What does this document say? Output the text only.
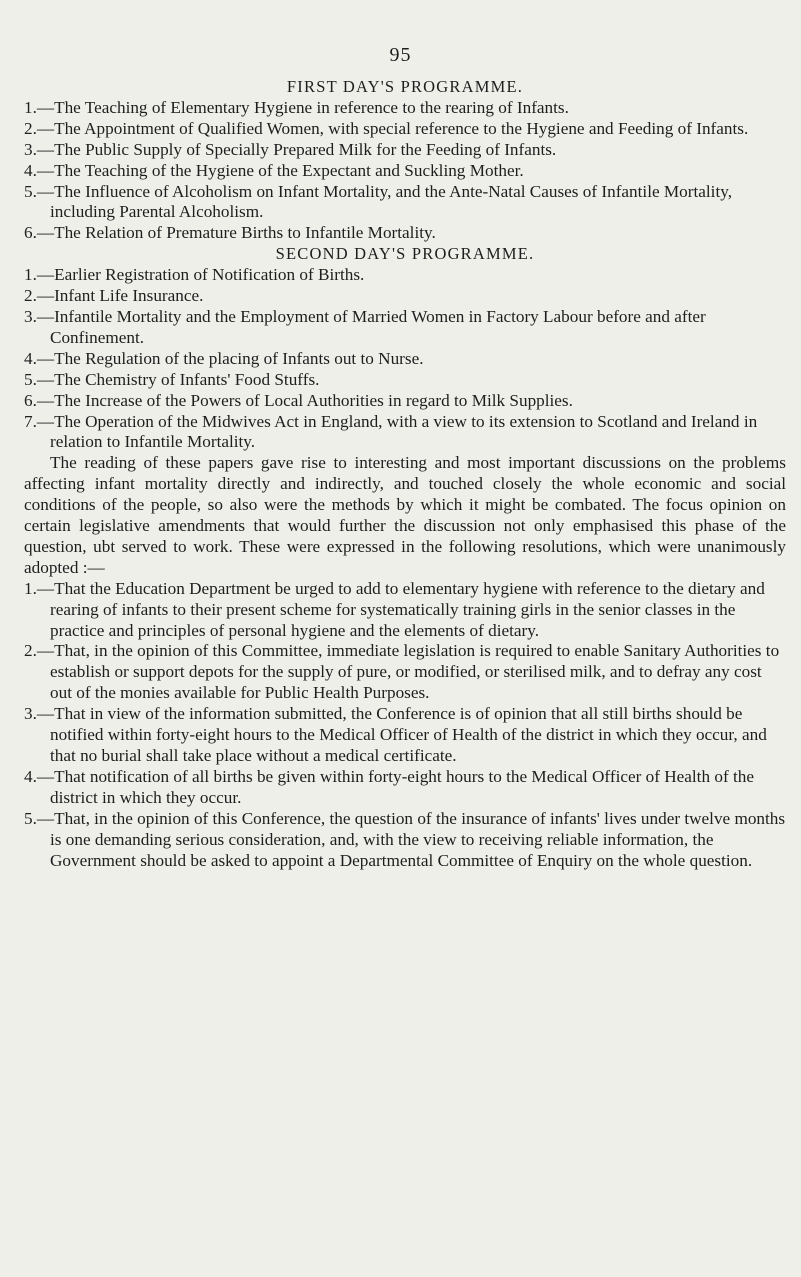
95

FIRST DAY'S PROGRAMME.

1.—The Teaching of Elementary Hygiene in reference to the rearing of Infants.

2.—The Appointment of Qualified Women, with special reference to the Hygiene and Feeding of Infants.

3.—The Public Supply of Specially Prepared Milk for the Feeding of Infants.

4.—The Teaching of the Hygiene of the Expectant and Suckling Mother.

5.—The Influence of Alcoholism on Infant Mortality, and the Ante-Natal Causes of Infantile Mortality, including Parental Alcoholism.

6.—The Relation of Premature Births to Infantile Mortality.

SECOND DAY'S PROGRAMME.

1.—Earlier Registration of Notification of Births.

2.—Infant Life Insurance.

3.—Infantile Mortality and the Employment of Married Women in Factory Labour before and after Confinement.

4.—The Regulation of the placing of Infants out to Nurse.

5.—The Chemistry of Infants' Food Stuffs.

6.—The Increase of the Powers of Local Authorities in regard to Milk Supplies.

7.—The Operation of the Midwives Act in England, with a view to its extension to Scotland and Ireland in relation to Infantile Mortality.

The reading of these papers gave rise to interesting and most important discussions on the problems affecting infant mortality directly and indirectly, and touched closely the whole economic and social conditions of the people, so also were the methods by which it might be combated. The focus opinion on certain legislative amendments that would further the discussion not only emphasised this phase of the question, ubt served to work. These were expressed in the following resolutions, which were unanimously adopted :—

1.—That the Education Department be urged to add to elementary hygiene with reference to the dietary and rearing of infants to their present scheme for systematically training girls in the senior classes in the practice and principles of personal hygiene and the elements of dietary.

2.—That, in the opinion of this Committee, immediate legislation is required to enable Sanitary Authorities to establish or support depots for the supply of pure, or modified, or sterilised milk, and to defray any cost out of the monies available for Public Health Purposes.

3.—That in view of the information submitted, the Conference is of opinion that all still births should be notified within forty-eight hours to the Medical Officer of Health of the district in which they occur, and that no burial shall take place without a medical certificate.

4.—That notification of all births be given within forty-eight hours to the Medical Officer of Health of the district in which they occur.

5.—That, in the opinion of this Conference, the question of the insurance of infants' lives under twelve months is one demanding serious consideration, and, with the view to receiving reliable information, the Government should be asked to appoint a Departmental Committee of Enquiry on the whole question.
